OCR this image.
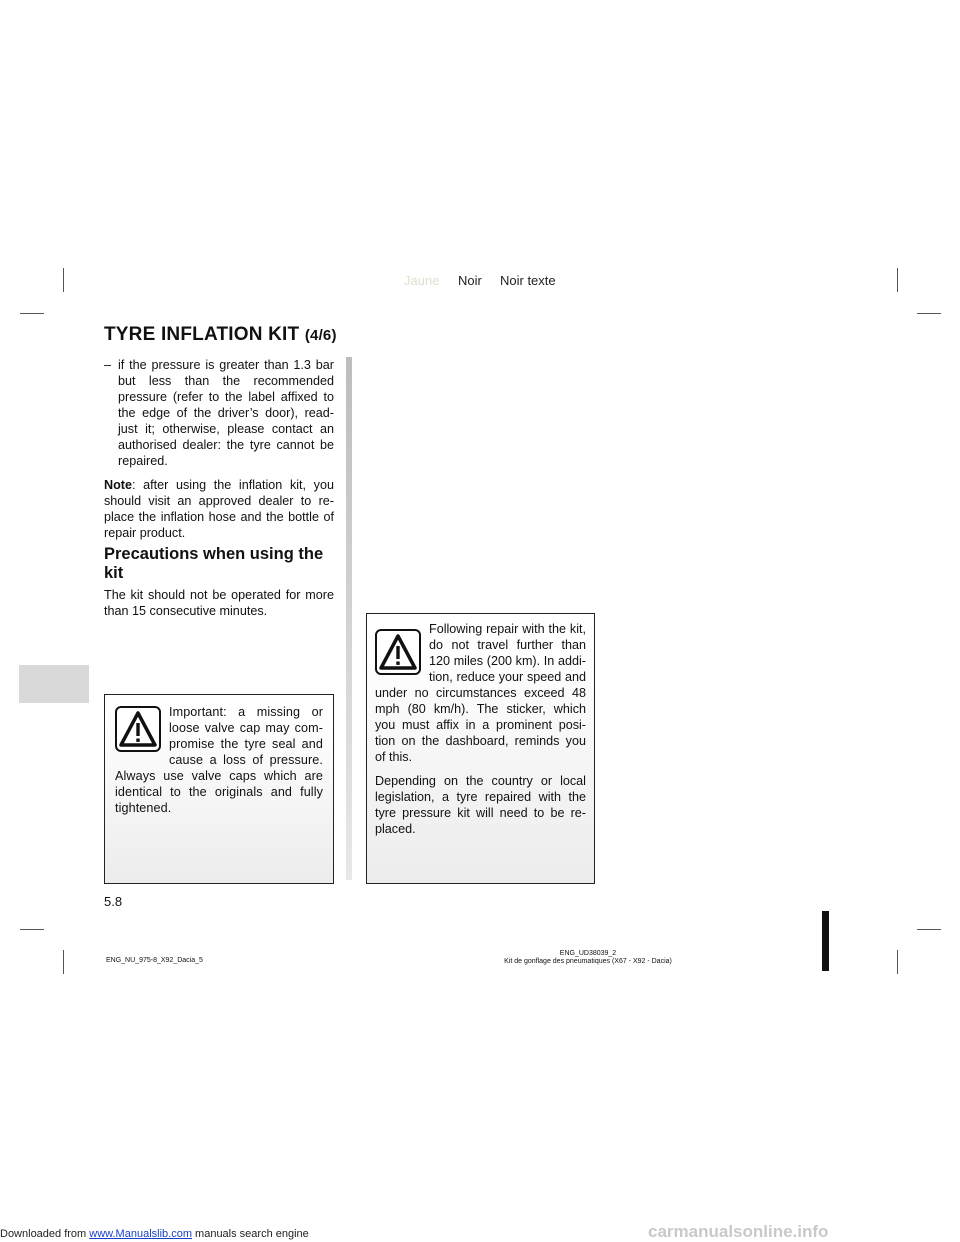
Jaune Noir Noir texte
TYRE INFLATION KIT (4/6)
– if the pressure is greater than 1.3 bar but less than the recommended pressure (refer to the label affixed to the edge of the driver’s door), read-just it; otherwise, please contact an authorised dealer: the tyre cannot be repaired.

Note: after using the inflation kit, you should visit an approved dealer to re-place the inflation hose and the bottle of repair product.

Precautions when using the kit

The kit should not be operated for more than 15 consecutive minutes.

Important: a missing or loose valve cap may com-promise the tyre seal and cause a loss of pressure. Always use valve caps which are identical to the originals and fully tightened.

Following repair with the kit, do not travel further than 120 miles (200 km). In addi-tion, reduce your speed and under no circumstances exceed 48 mph (80 km/h). The sticker, which you must affix in a prominent posi-tion on the dashboard, reminds you of this.

Depending on the country or local legislation, a tyre repaired with the tyre pressure kit will need to be re-placed.

5.8
ENG_NU_975-8_X92_Dacia_5
ENG_UD38039_2
Kit de gonflage des pneumatiques (X67 - X92 - Dacia)
Downloaded from www.Manualslib.com manuals search engine	carmanualsonline.info
